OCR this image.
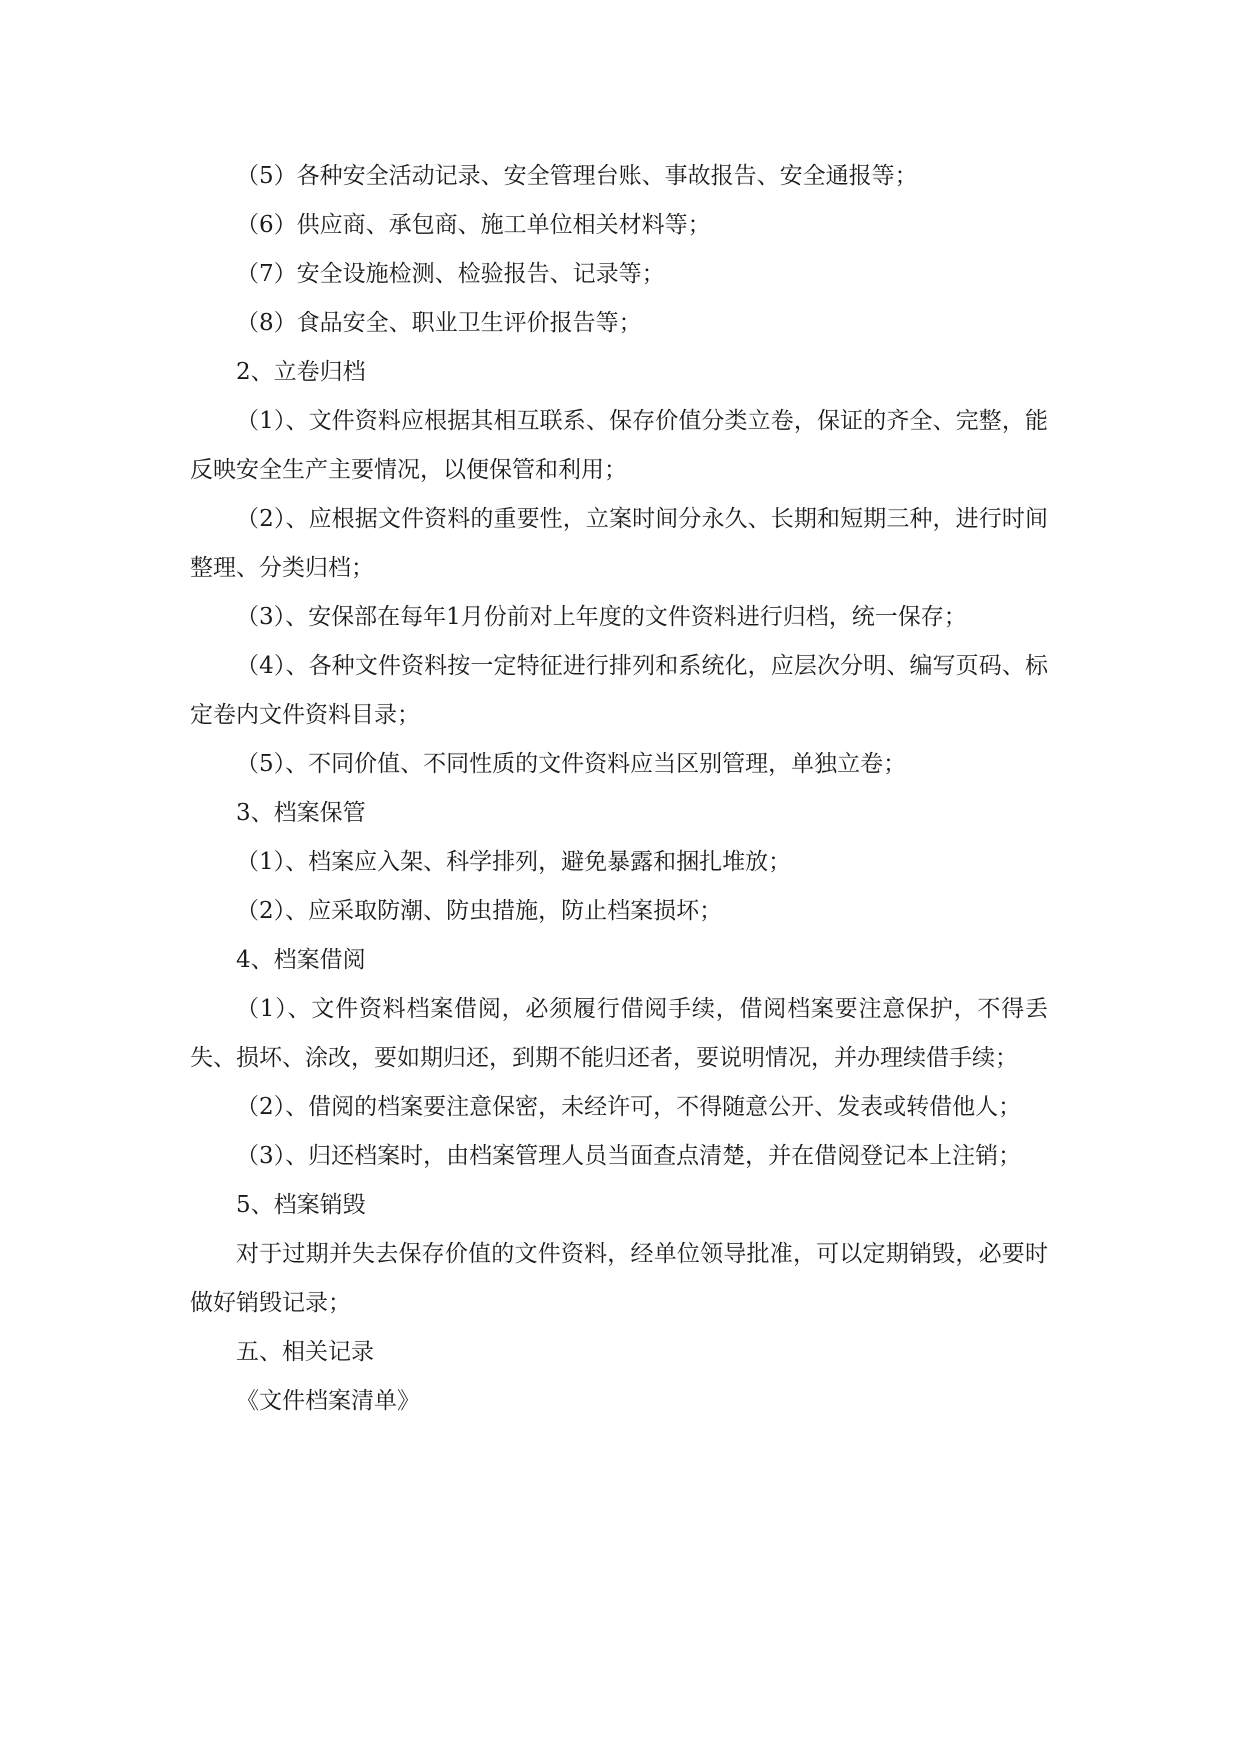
（5）各种安全活动记录、安全管理台账、事故报告、安全通报等；

（6）供应商、承包商、施工单位相关材料等；

（7）安全设施检测、检验报告、记录等；

（8）食品安全、职业卫生评价报告等；

2、立卷归档

（1）、文件资料应根据其相互联系、保存价值分类立卷，保证的齐全、完整，能反映安全生产主要情况，以便保管和利用；

（2）、应根据文件资料的重要性，立案时间分永久、长期和短期三种，进行时间整理、分类归档；

（3）、安保部在每年1月份前对上年度的文件资料进行归档，统一保存；

（4）、各种文件资料按一定特征进行排列和系统化，应层次分明、编写页码、标定卷内文件资料目录；

（5）、不同价值、不同性质的文件资料应当区别管理，单独立卷；

3、档案保管

（1）、档案应入架、科学排列，避免暴露和捆扎堆放；

（2）、应采取防潮、防虫措施，防止档案损坏；

4、档案借阅

（1）、文件资料档案借阅，必须履行借阅手续，借阅档案要注意保护，不得丢失、损坏、涂改，要如期归还，到期不能归还者，要说明情况，并办理续借手续；

（2）、借阅的档案要注意保密，未经许可，不得随意公开、发表或转借他人；

（3）、归还档案时，由档案管理人员当面查点清楚，并在借阅登记本上注销；

5、档案销毁

对于过期并失去保存价值的文件资料，经单位领导批准，可以定期销毁，必要时做好销毁记录；

五、相关记录

《文件档案清单》
